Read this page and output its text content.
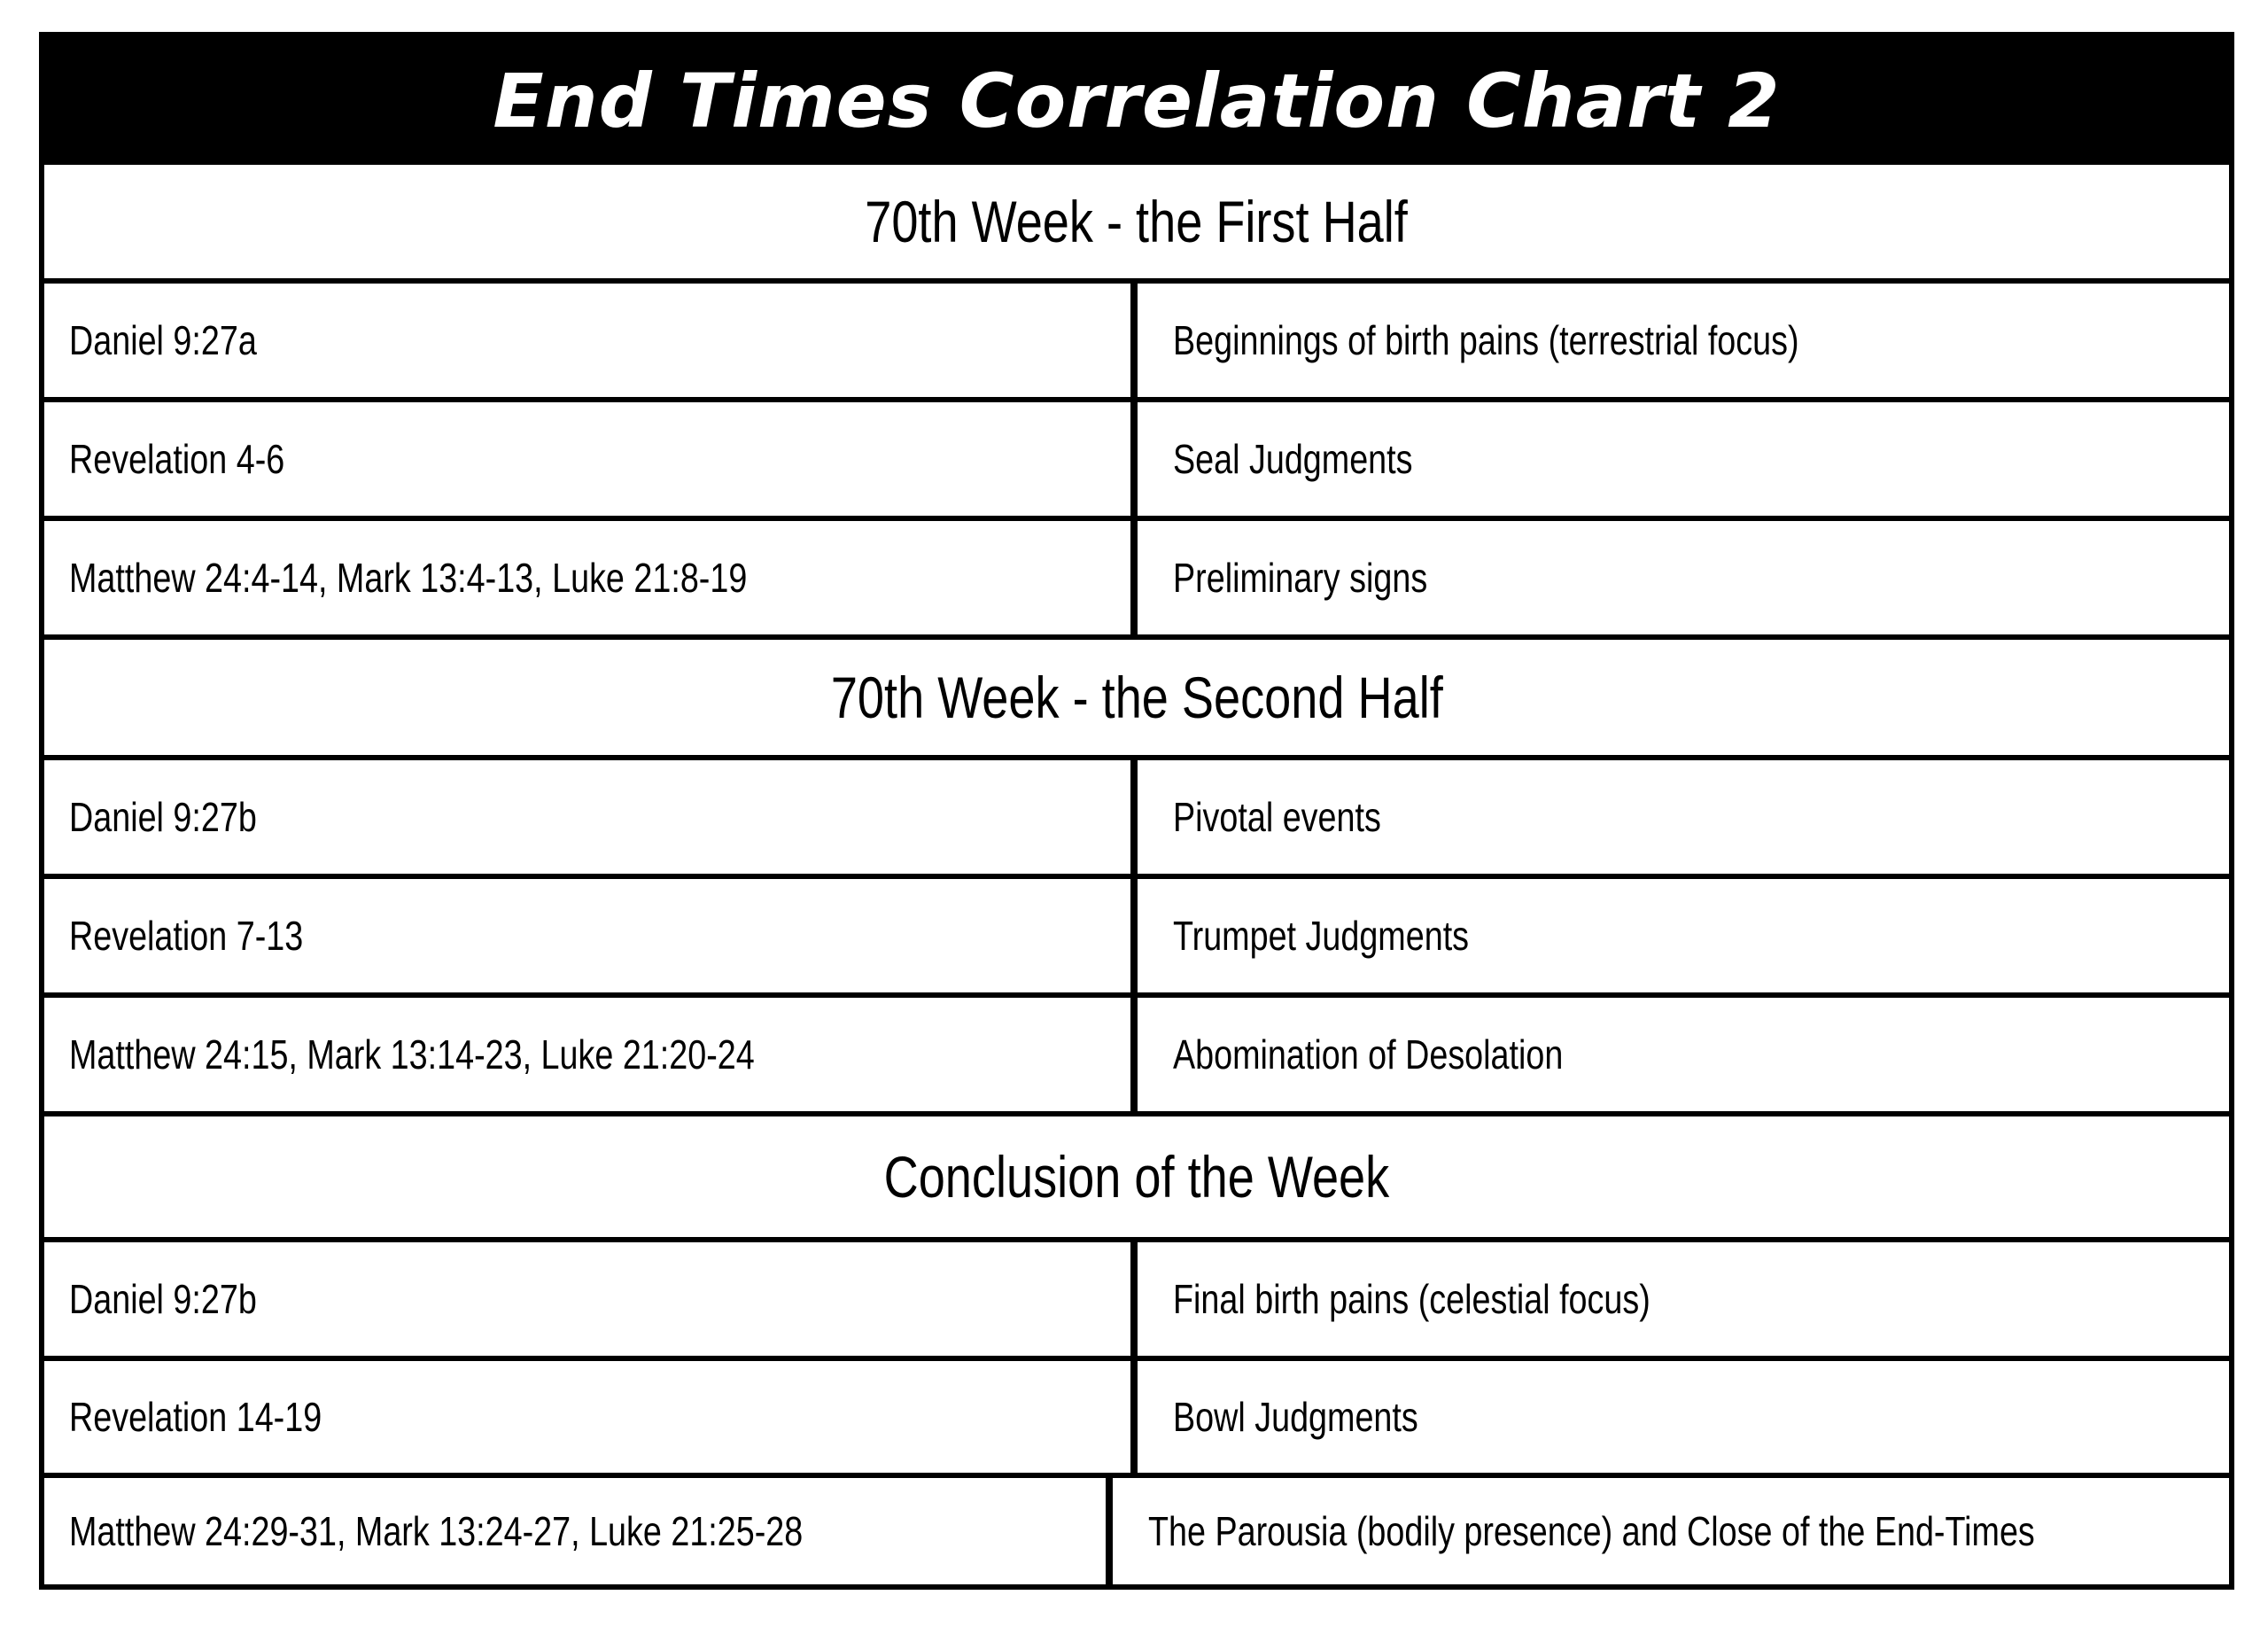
End Times Correlation Chart 2
70th Week - the First Half
Daniel 9:27a	Beginnings of birth pains (terrestrial focus)
Revelation 4-6	Seal Judgments
Matthew 24:4-14, Mark 13:4-13, Luke 21:8-19	Preliminary signs
70th Week - the Second Half
Daniel 9:27b	Pivotal events
Revelation 7-13	Trumpet Judgments
Matthew 24:15, Mark 13:14-23, Luke 21:20-24	Abomination of Desolation
Conclusion of the Week
Daniel 9:27b	Final birth pains (celestial focus)
Revelation 14-19	Bowl Judgments
Matthew 24:29-31, Mark 13:24-27, Luke 21:25-28	The Parousia (bodily presence) and Close of the End-Times
